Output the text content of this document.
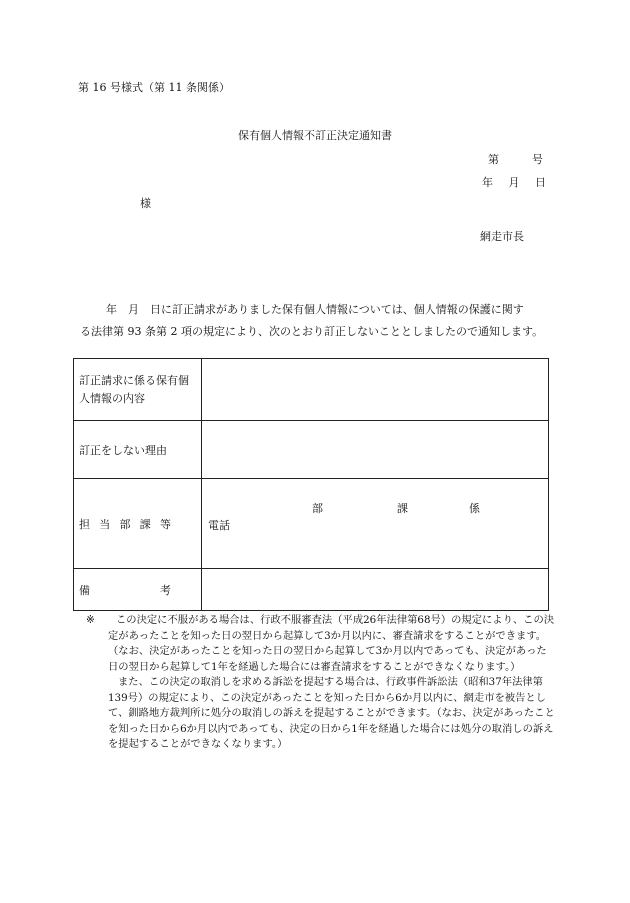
第 16 号様式（第 11 条関係）
保有個人情報不訂正決定通知書
第	号
年 月 日
様
網走市長
年　月　日に訂正請求がありました保有個人情報については、個人情報の保護に関す
る法律第 93 条第 2 項の規定により、次のとおり訂正しないこととしましたので通知します。
訂正請求に係る保有個人情報の内容	

訂正をしない理由	

担 当 部 課 等	部 課 係
電話

備 考	

※	この決定に不服がある場合は、行政不服審査法（平成26年法律第68号）の規定により、この決定があったことを知った日の翌日から起算して3か月以内に、審査請求をすることができます。（なお、決定があったことを知った日の翌日から起算して3か月以内であっても、決定があった日の翌日から起算して1年を経過した場合には審査請求をすることができなくなります。）

また、この決定の取消しを求める訴訟を提起する場合は、行政事件訴訟法（昭和37年法律第139号）の規定により、この決定があったことを知った日から6か月以内に、網走市を被告として、釧路地方裁判所に処分の取消しの訴えを提起することができます。（なお、決定があったことを知った日から6か月以内であっても、決定の日から1年を経過した場合には処分の取消しの訴えを提起することができなくなります。）
